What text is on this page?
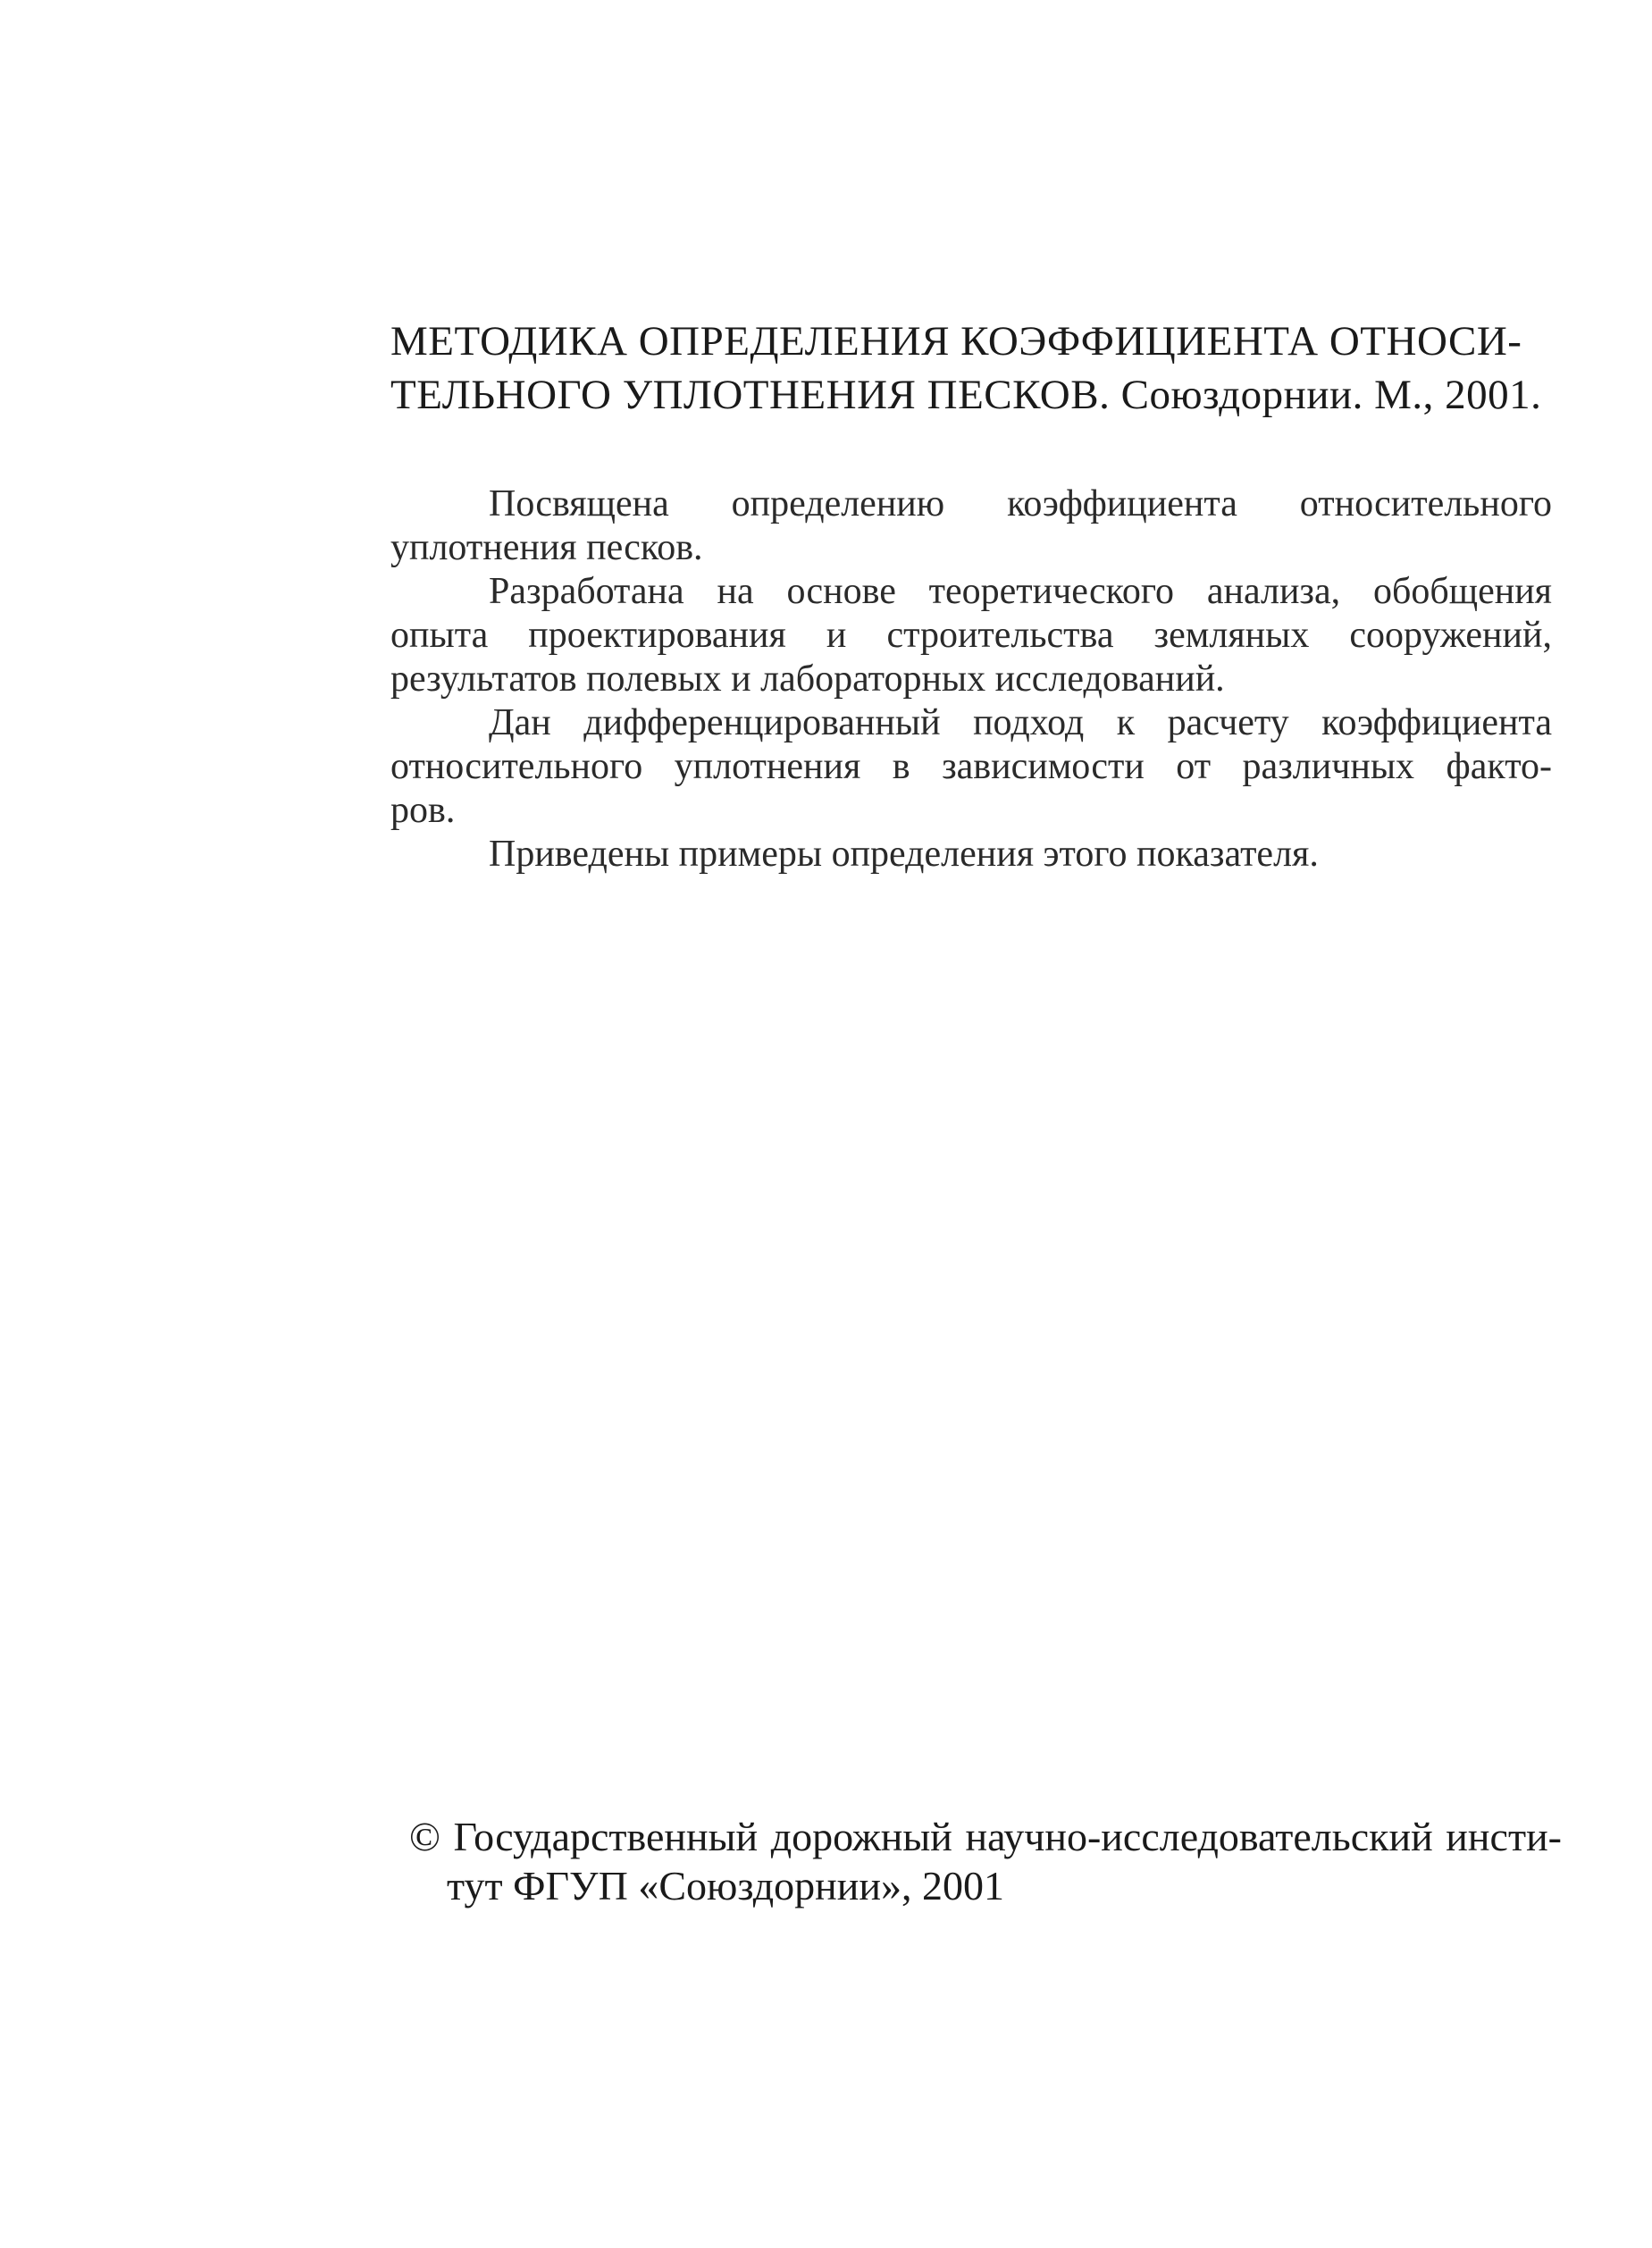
МЕТОДИКА ОПРЕДЕЛЕНИЯ КОЭФФИЦИЕНТА ОТНОСИ-
ТЕЛЬНОГО УПЛОТНЕНИЯ ПЕСКОВ. Союздорнии. М., 2001.
Посвящена определению коэффициента относительного
уплотнения песков.
Разработана на основе теоретического анализа, обобщения
опыта проектирования и строительства земляных сооружений,
результатов полевых и лабораторных исследований.
Дан дифференцированный подход к расчету коэффициента
относительного уплотнения в зависимости от различных факто-
ров.
Приведены примеры определения этого показателя.
© Государственный дорожный научно-исследовательский инсти-
тут ФГУП «Союздорнии», 2001
